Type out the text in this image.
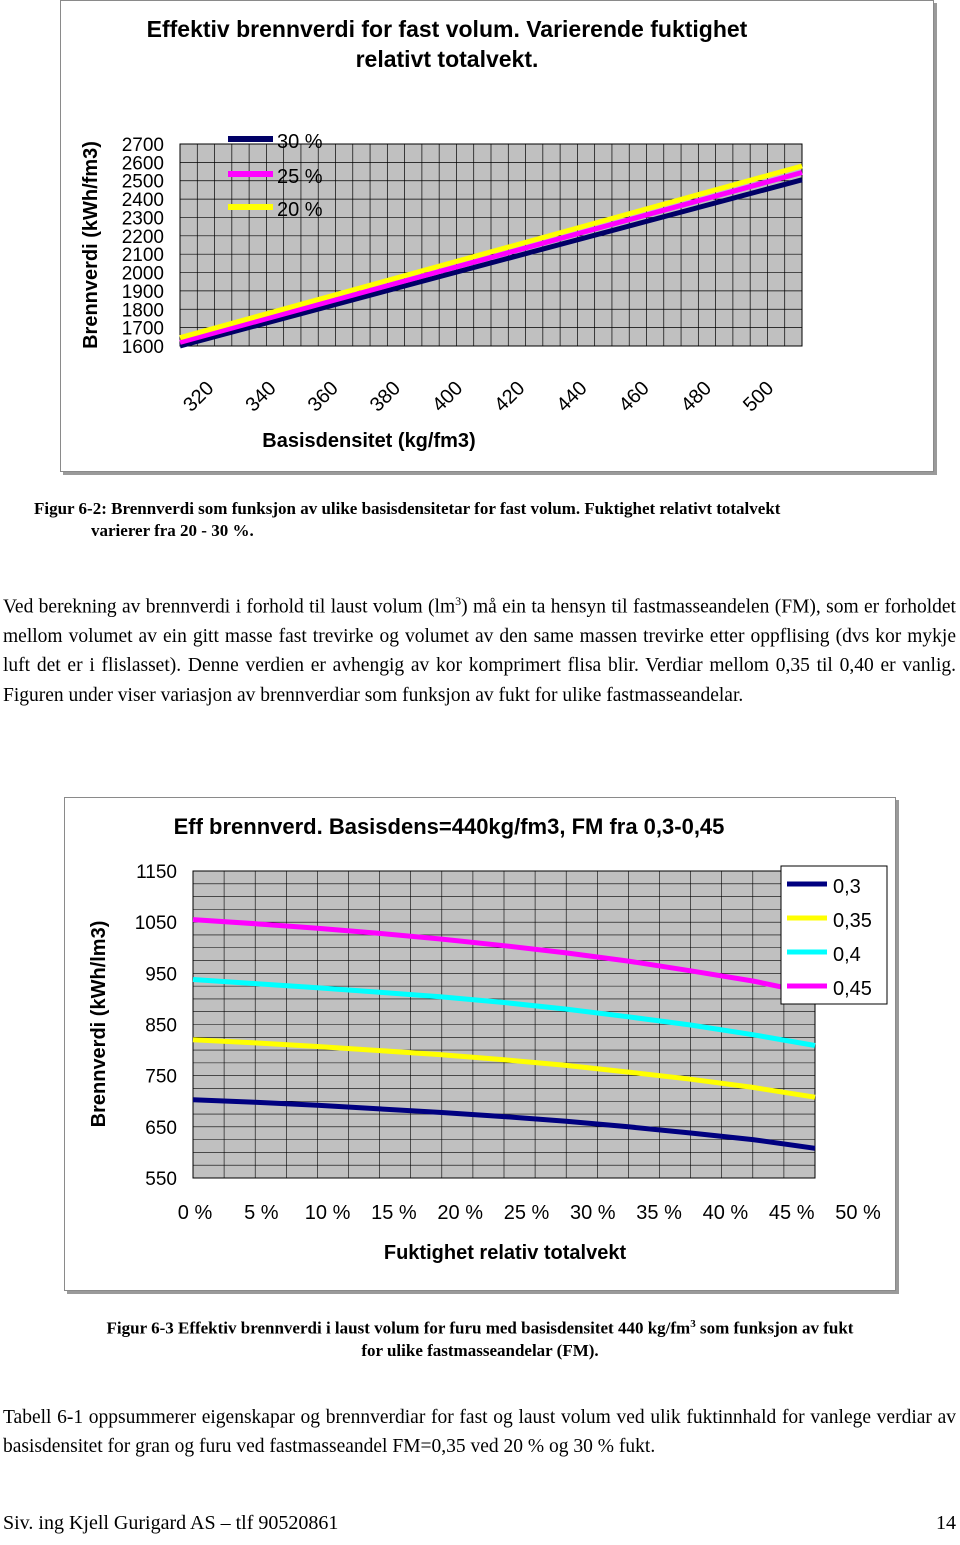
Effektiv brennverdi for fast volum. Varierende fuktighet
relativt totalvekt.
2700
2600
2500
2400
2300
2200
2100
2000
1900
1800
1700
1600
320 340 360 380 400 420 440 460 480 500
30 %
25 %
20 %
Basisdensitet (kg/fm3)
Brennverdi (kWh/fm3)
Figur 6-2: Brennverdi som funksjon av ulike basisdensitetar for fast volum. Fuktighet relativt totalvekt
varierer fra 20 - 30 %.
Ved berekning av brennverdi i forhold til laust volum $(lm^3)$ må ein ta hensyn til fastmasseandelen (FM), som er forholdet mellom volumet av ein gitt masse fast trevirke og volumet av den same massen trevirke etter oppflising (dvs kor mykje luft det er i flislasset). Denne verdien er avhengig av kor komprimert flisa blir. Verdiar mellom 0,35 til 0,40 er vanlig. Figuren under viser variasjon av brennverdiar som funksjon av fukt for ulike fastmasseandelar.
Eff brennverd. Basisdens=440kg/fm3, FM fra 0,3-0,45
1150
1050
950
850
750
650
550
0 % 5 % 10 % 15 % 20 % 25 % 30 % 35 % 40 % 45 % 50 %
Fuktighet relativ totalvekt
Brennverdi (kWh/lm3)
0,3
0,35
0,4
0,45
Figur 6-3 Effektiv brennverdi i laust volum for furu med basisdensitet 440 $kg/fm^3$ som funksjon av fukt
for ulike fastmasseandelar (FM).
Tabell 6-1 oppsummerer eigenskapar og brennverdiar for fast og laust volum ved ulik fuktinnhald for vanlege verdiar av basisdensitet for gran og furu ved fastmasseandel FM=0,35 ved 20 % og 30 % fukt.
Siv. ing Kjell Gurigard AS – tlf 90520861	14
